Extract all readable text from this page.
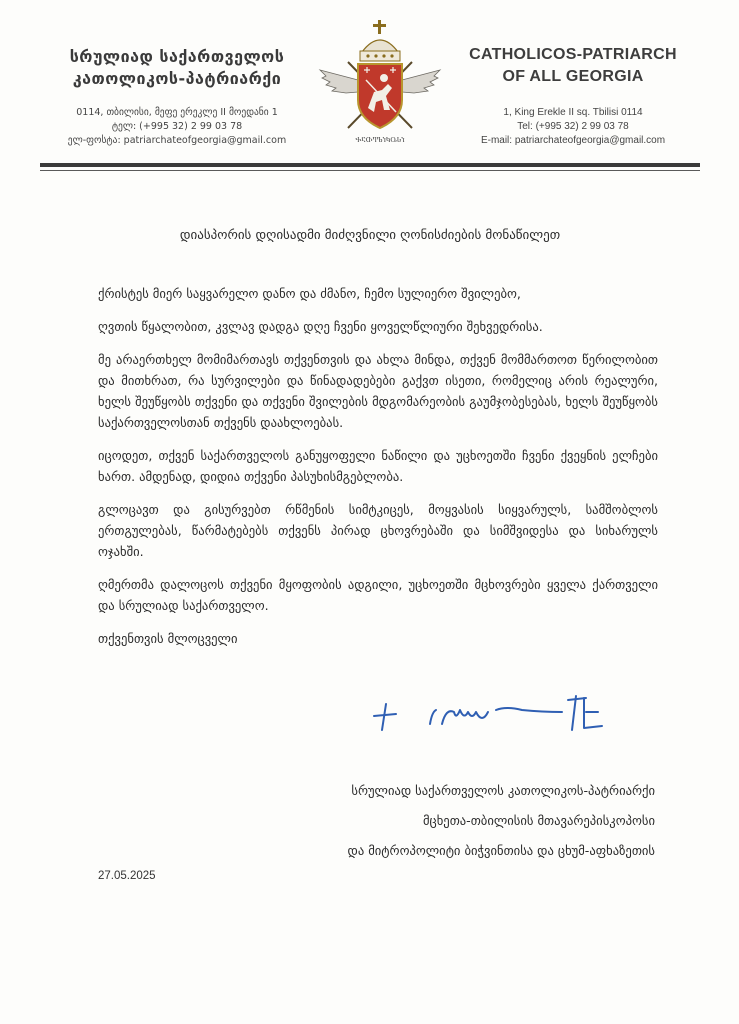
სრულიად საქართველოს
კათოლიკოს-პატრიარქი
0114, თბილისი, მეფე ერეკლე II მოედანი 1
ტელ: (+995 32) 2 99 03 78
ელ-ფოსტა: patriarchateofgeorgia@gmail.com	ႵႠႧႤႪႨႩႭႱႨ
CATHOLICOS-PATRIARCH
OF ALL GEORGIA
1, King Erekle II sq. Tbilisi 0114
Tel: (+995 32) 2 99 03 78
E-mail: patriarchateofgeorgia@gmail.com
დიასპორის დღისადმი მიძღვნილი ღონისძიების მონაწილეთ

ქრისტეს მიერ საყვარელო დანო და ძმანო, ჩემო სულიერო შვილებო,

ღვთის წყალობით, კვლავ დადგა დღე ჩვენი ყოველწლიური შეხვედრისა.

მე არაერთხელ მომიმართავს თქვენთვის და ახლა მინდა, თქვენ მომმართოთ წერილობით და მითხრათ, რა სურვილები და წინადადებები გაქვთ ისეთი, რომელიც არის რეალური, ხელს შეუწყობს თქვენი და თქვენი შვილების მდგომარეობის გაუმჯობესებას, ხელს შეუწყობს საქართველოსთან თქვენს დაახლოებას.

იცოდეთ, თქვენ საქართველოს განუყოფელი ნაწილი და უცხოეთში ჩვენი ქვეყნის ელჩები ხართ. ამდენად, დიდია თქვენი პასუხისმგებლობა.

გლოცავთ და გისურვებთ რწმენის სიმტკიცეს, მოყვასის სიყვარულს, სამშობლოს ერთგულებას, წარმატებებს თქვენს პირად ცხოვრებაში და სიმშვიდესა და სიხარულს ოჯახში.

ღმერთმა დალოცოს თქვენი მყოფობის ადგილი, უცხოეთში მცხოვრები ყველა ქართველი და სრულიად საქართველო.

თქვენთვის მლოცველი

სრულიად საქართველოს კათოლიკოს-პატრიარქი
მცხეთა-თბილისის მთავარეპისკოპოსი
და მიტროპოლიტი ბიჭვინთისა და ცხუმ-აფხაზეთის
27.05.2025
